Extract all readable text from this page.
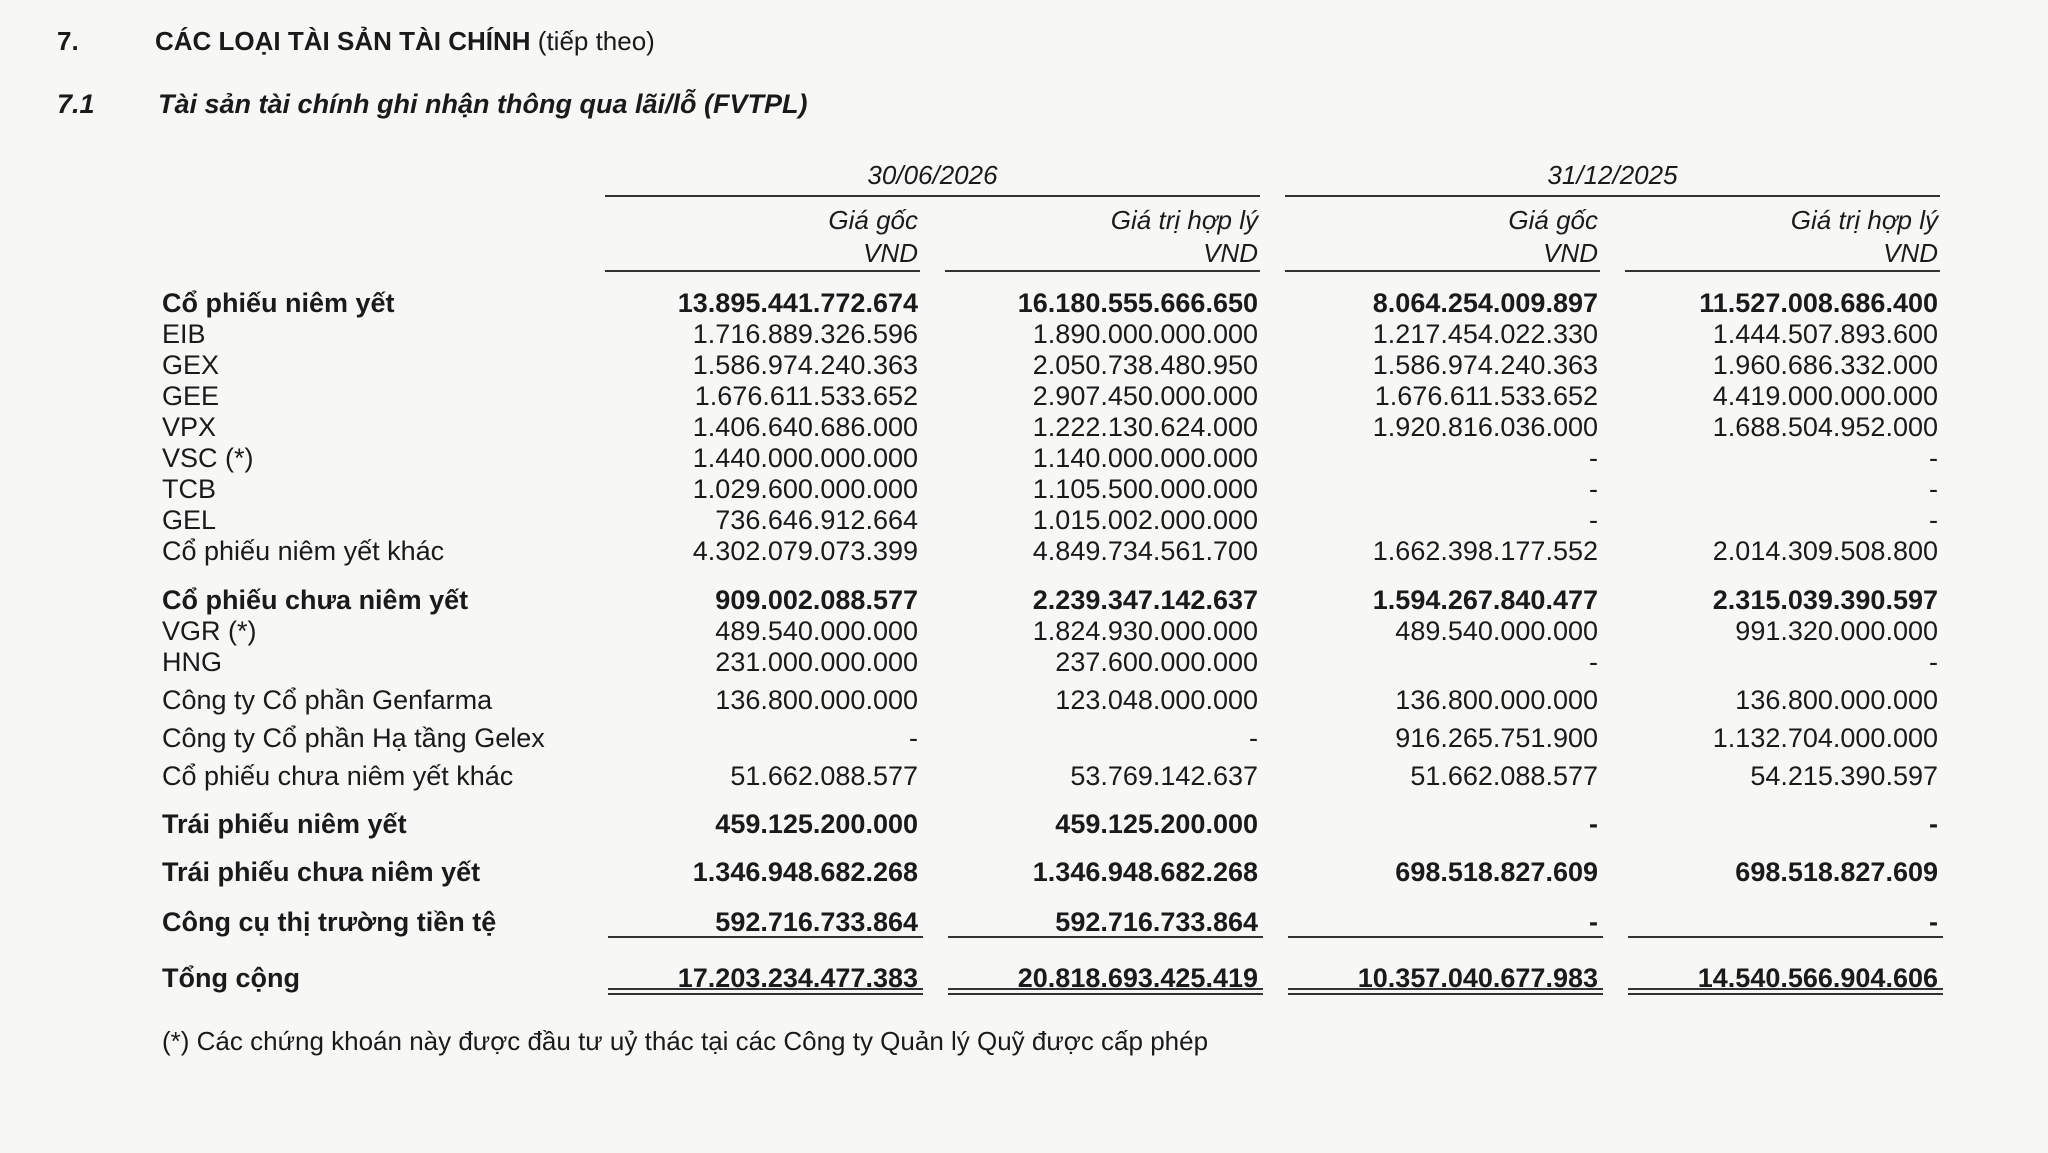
7.	CÁC LOẠI TÀI SẢN TÀI CHÍNH (tiếp theo)
7.1 Tài sản tài chính ghi nhận thông qua lãi/lỗ (FVTPL)
30/06/2026	31/12/2025
Giá gốc
VND
Giá trị hợp lý
VND
Giá gốc
VND
Giá trị hợp lý
VND
Cổ phiếu niêm yết	13.895.441.772.674	16.180.555.666.650	8.064.254.009.897	11.527.008.686.400
EIB	1.716.889.326.596	1.890.000.000.000	1.217.454.022.330	1.444.507.893.600
GEX	1.586.974.240.363	2.050.738.480.950	1.586.974.240.363	1.960.686.332.000
GEE	1.676.611.533.652	2.907.450.000.000	1.676.611.533.652	4.419.000.000.000
VPX	1.406.640.686.000	1.222.130.624.000	1.920.816.036.000	1.688.504.952.000
VSC (*)	1.440.000.000.000	1.140.000.000.000	-	-
TCB	1.029.600.000.000	1.105.500.000.000	-	-
GEL	736.646.912.664	1.015.002.000.000	-	-
Cổ phiếu niêm yết khác	4.302.079.073.399	4.849.734.561.700	1.662.398.177.552	2.014.309.508.800
Cổ phiếu chưa niêm yết	909.002.088.577	2.239.347.142.637	1.594.267.840.477	2.315.039.390.597
VGR (*)	489.540.000.000	1.824.930.000.000	489.540.000.000	991.320.000.000
HNG	231.000.000.000	237.600.000.000	-	-
Công ty Cổ phần Genfarma	136.800.000.000	123.048.000.000	136.800.000.000	136.800.000.000
Công ty Cổ phần Hạ tầng Gelex	-	-	916.265.751.900	1.132.704.000.000
Cổ phiếu chưa niêm yết khác	51.662.088.577	53.769.142.637	51.662.088.577	54.215.390.597
Trái phiếu niêm yết	459.125.200.000	459.125.200.000	-	-
Trái phiếu chưa niêm yết	1.346.948.682.268	1.346.948.682.268	698.518.827.609	698.518.827.609
Công cụ thị trường tiền tệ	592.716.733.864	592.716.733.864	-	-
Tổng cộng	17.203.234.477.383	20.818.693.425.419	10.357.040.677.983	14.540.566.904.606
(*) Các chứng khoán này được đầu tư uỷ thác tại các Công ty Quản lý Quỹ được cấp phép
